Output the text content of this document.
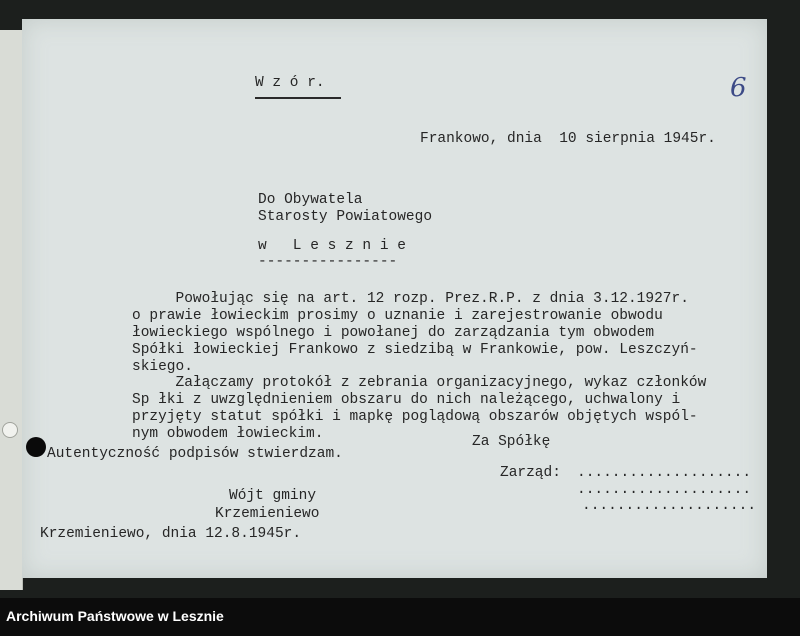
6
W z ó r.
Frankowo, dnia  10 sierpnia 1945r.
Do Obywatela
Starosty Powiatowego
w   L e s z n i e
----------------
Powołując się na art. 12 rozp. Prez.R.P. z dnia 3.12.1927r.
o prawie łowieckim prosimy o uznanie i zarejestrowanie obwodu
łowieckiego wspólnego i powołanej do zarządzania tym obwodem
Spółki łowieckiej Frankowo z siedzibą w Frankowie, pow. Leszczyń-
skiego.
Załączamy protokół z zebrania organizacyjnego, wykaz członków
Sp łki z uwzględnieniem obszaru do nich należącego, uchwalony i
przyjęty statut spółki i mapkę poglądową obszarów objętych wspól-
nym obwodem łowieckim.	Za Spółkę
Autentyczność podpisów stwierdzam.
Zarząd: ....................
....................
....................
Wójt gminy
Krzemieniewo
Krzemieniewo, dnia 12.8.1945r.
Archiwum Państwowe w Lesznie
